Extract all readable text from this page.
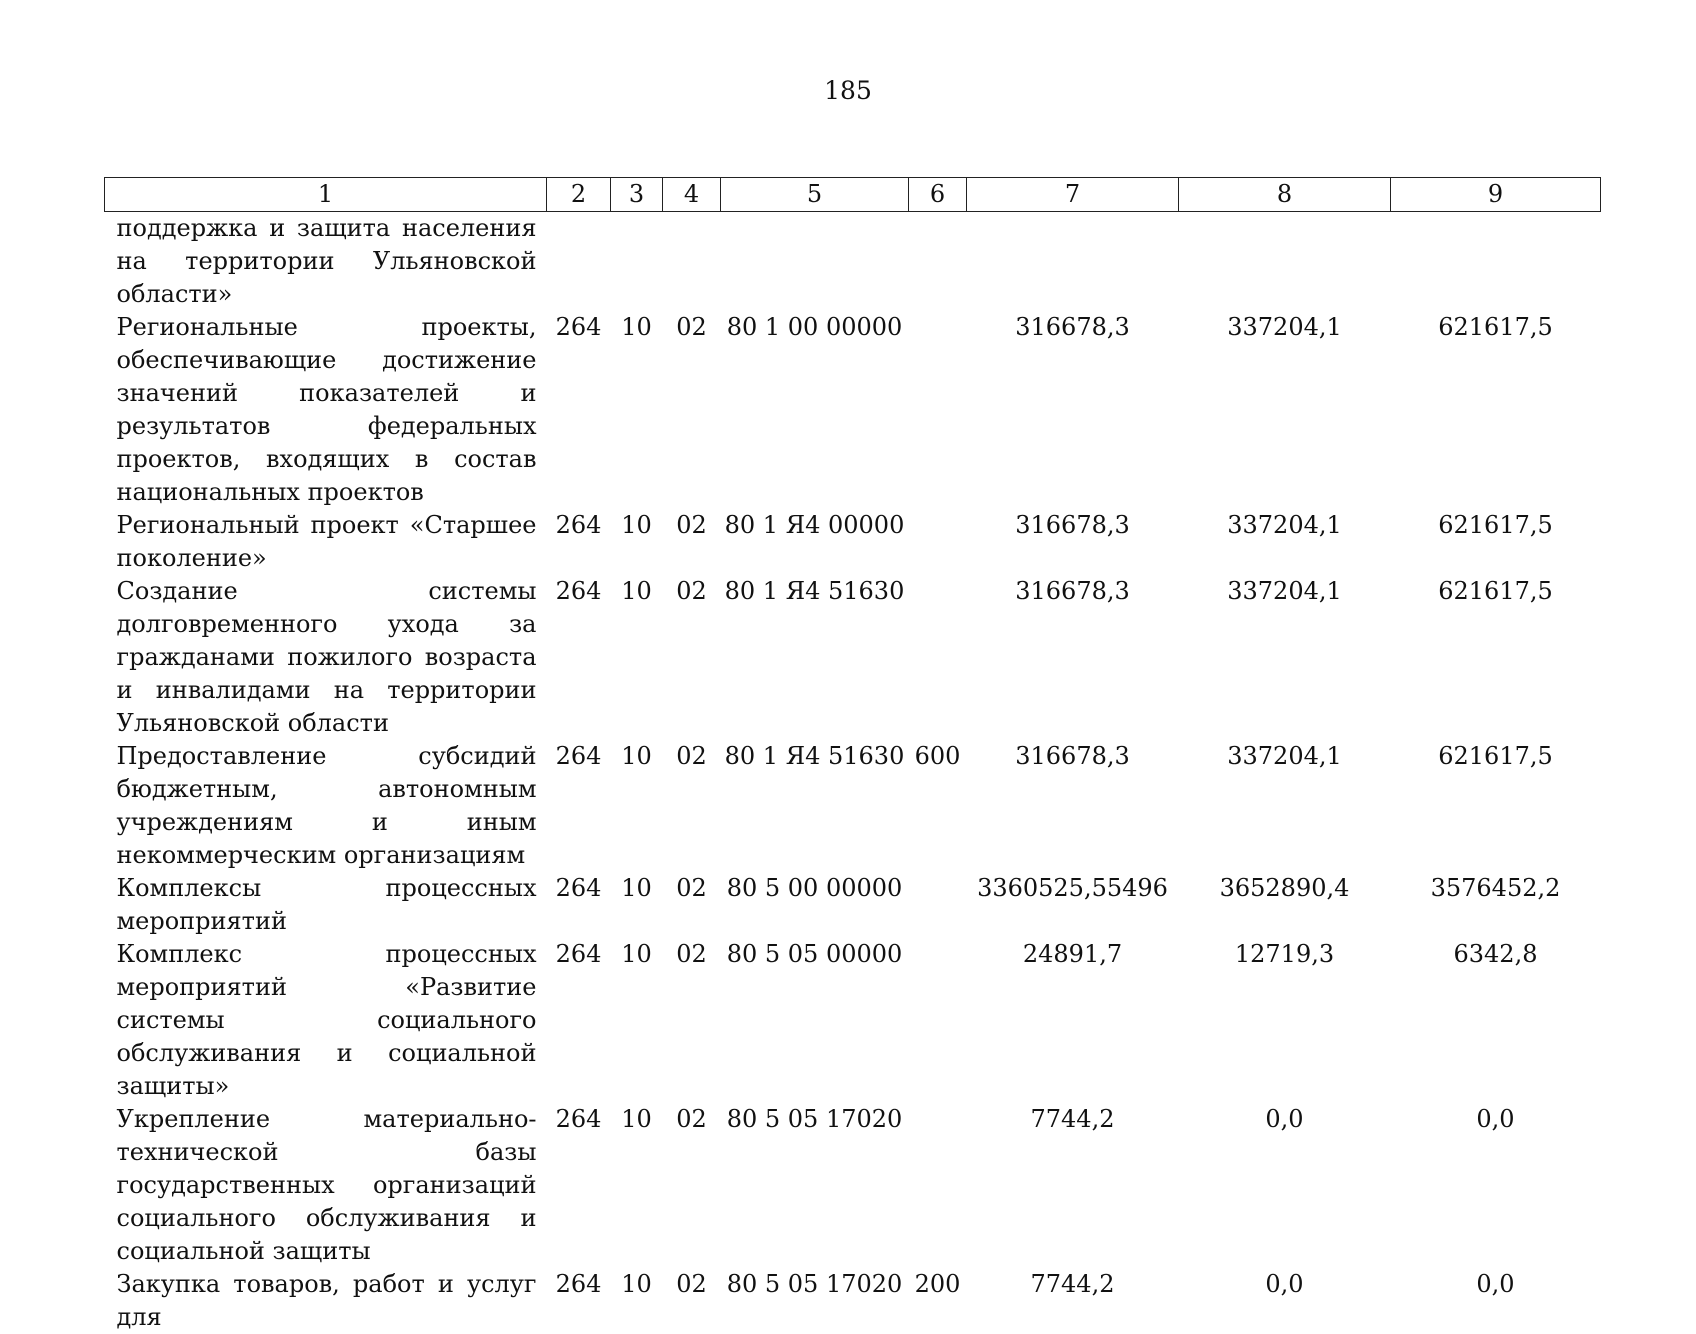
185
1	2	3	4	5	6	7	8	9
поддержка и защита населения на территории Ульяновской области»								
Региональные проекты, обеспечивающие достижение значений показателей и результатов федеральных проектов, входящих в состав национальных проектов	264	10	02	80 1 00 00000		316678,3	337204,1	621617,5
Региональный проект «Старшее поколение»	264	10	02	80 1 Я4 00000		316678,3	337204,1	621617,5
Создание системы долговременного ухода за гражданами пожилого возраста и инвалидами на территории Ульяновской области	264	10	02	80 1 Я4 51630		316678,3	337204,1	621617,5
Предоставление субсидий бюджетным, автономным учреждениям и иным некоммерческим организациям	264	10	02	80 1 Я4 51630	600	316678,3	337204,1	621617,5
Комплексы процессных мероприятий	264	10	02	80 5 00 00000		3360525,55496	3652890,4	3576452,2
Комплекс процессных мероприятий «Развитие системы социального обслуживания и социальной защиты»	264	10	02	80 5 05 00000		24891,7	12719,3	6342,8
Укрепление материально-технической базы государственных организаций социального обслуживания и социальной защиты	264	10	02	80 5 05 17020		7744,2	0,0	0,0
Закупка товаров, работ и услуг для	264	10	02	80 5 05 17020	200	7744,2	0,0	0,0
